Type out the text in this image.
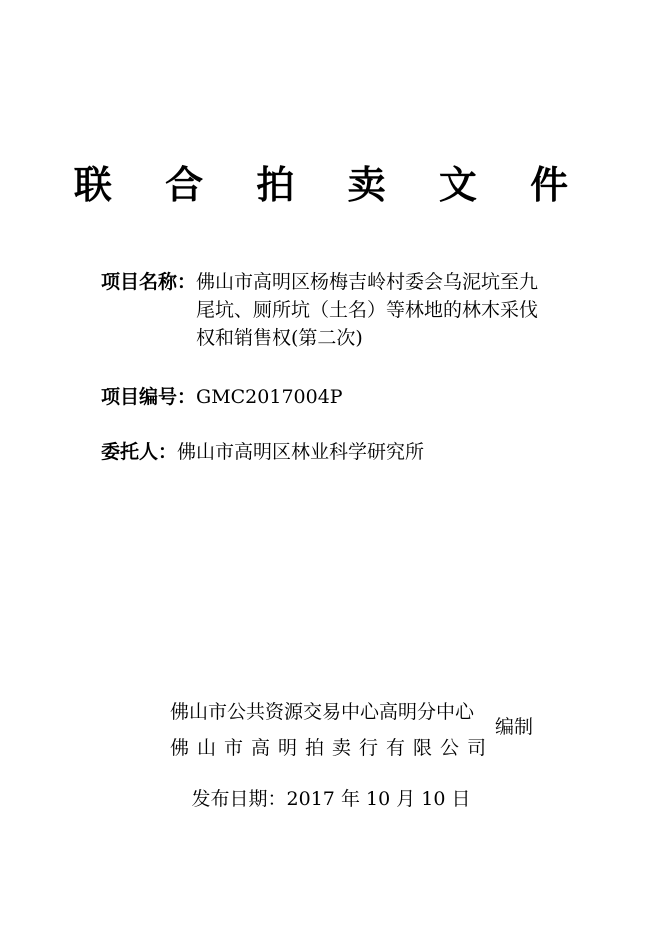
联 合 拍 卖 文 件
项目名称： 佛山市高明区杨梅吉岭村委会乌泥坑至九
尾坑、厕所坑（土名）等林地的林木采伐
权和销售权(第二次)
项目编号：GMC2017004P
委托人：佛山市高明区林业科学研究所
佛山市公共资源交易中心高明分中心
佛山市高明拍卖行有限公司
编制
发布日期：2017 年 10 月 10 日
